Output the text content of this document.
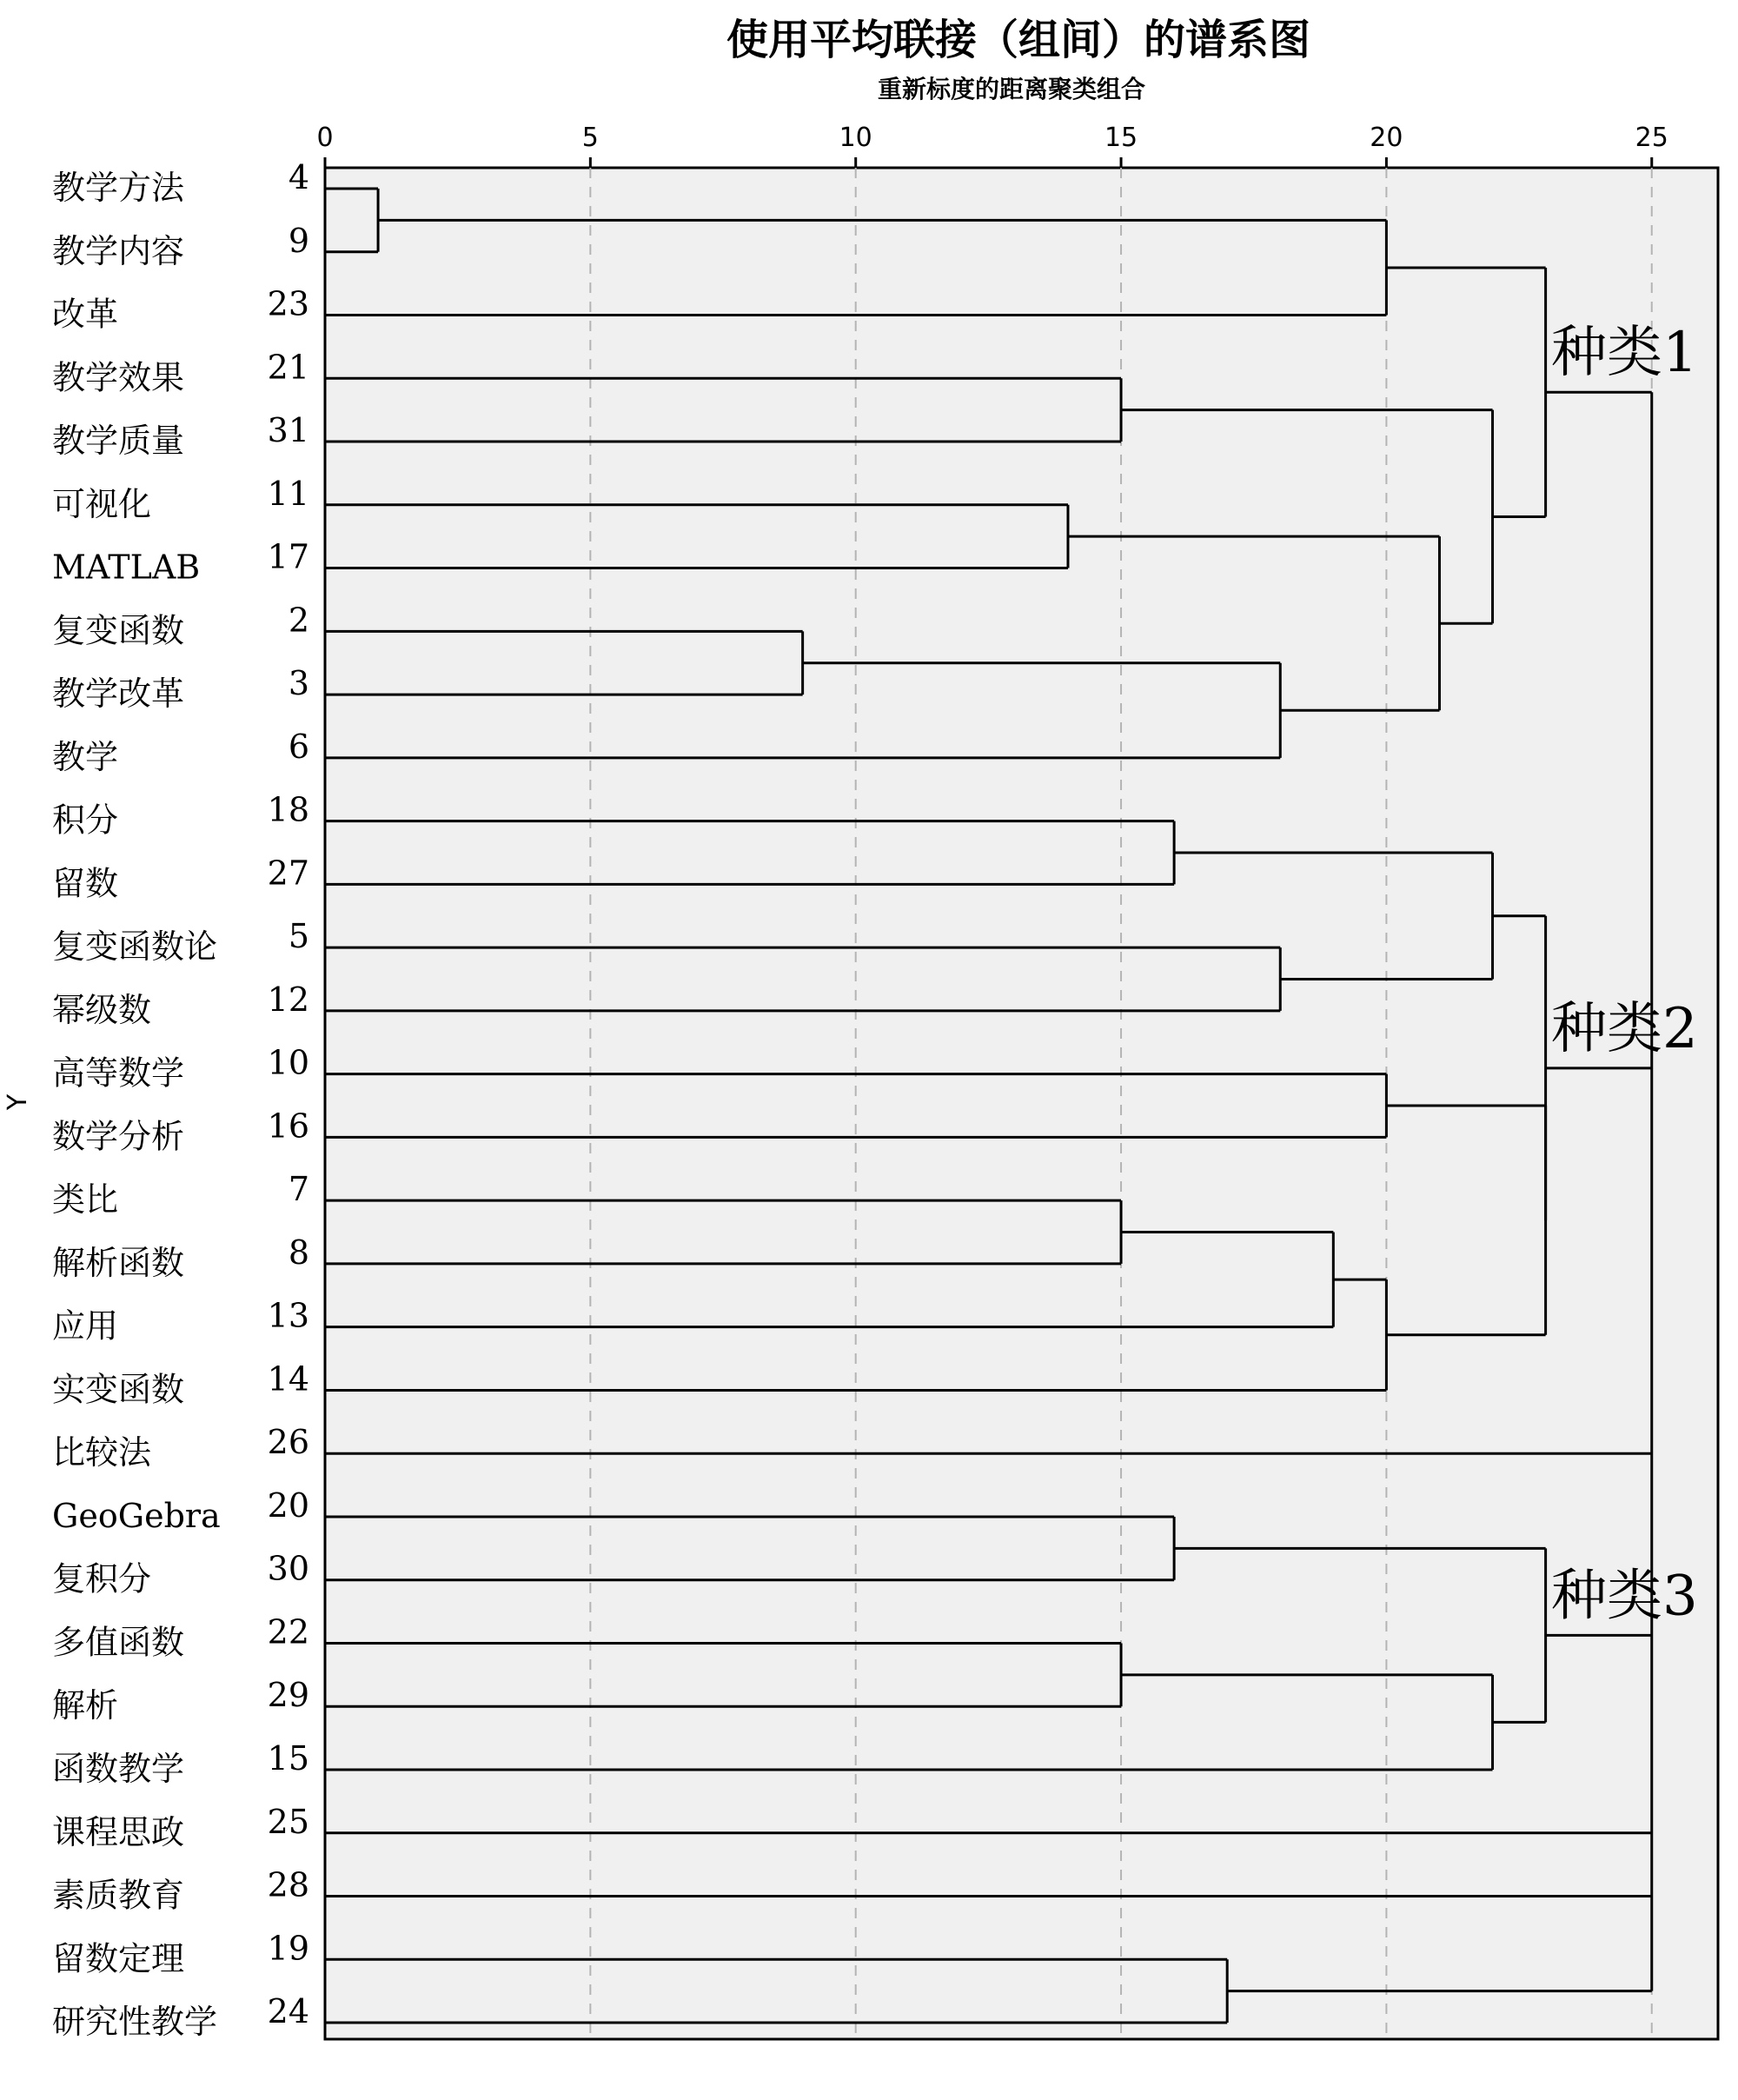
使用平均联接（组间）的谱系图
重新标度的距离聚类组合
Y
0	5	10	15	20	25
教学方法	4
教学内容	9
改革	23
教学效果	21
教学质量	31
可视化	11
MATLAB 17
复变函数	2
教学改革	3
教学	6
积分	18
留数	27
复变函数论 5
幂级数	12
高等数学	10
数学分析	16
类比	7
解析函数	8
应用	13
实变函数	14
比较法	26
GeoGebra 20
复积分	30
多值函数	22
解析	29
函数教学	15
课程思政	25
素质教育	28
留数定理	19
研究性教学 24
种类1
种类2
种类3
